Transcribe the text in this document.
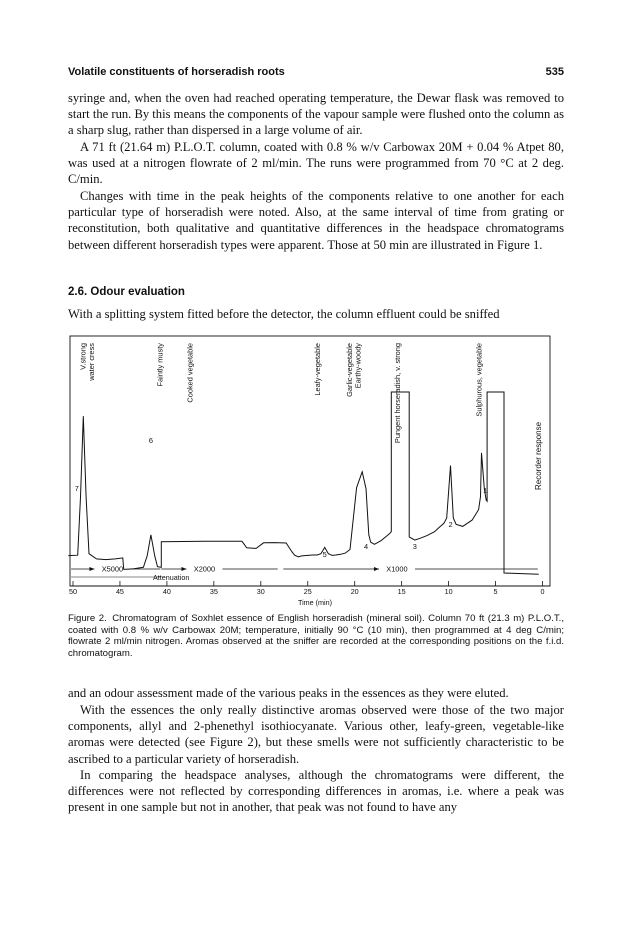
Volatile constituents of horseradish roots	535

syringe and, when the oven had reached operating temperature, the Dewar flask was removed to start the run. By this means the components of the vapour sample were flushed onto the column as a sharp slug, rather than dispersed in a large volume of air.

A 71 ft (21.64 m) P.L.O.T. column, coated with 0.8 % w/v Carbowax 20M + 0.04 % Atpet 80, was used at a nitrogen flowrate of 2 ml/min. The runs were programmed from 70 °C at 2 deg. C/min.

Changes with time in the peak heights of the components relative to one another for each particular type of horseradish were noted. Also, at the same interval of time from grating or reconstitution, both qualitative and quantitative differences in the headspace chromatograms between different horseradish types were apparent. Those at 50 min are illustrated in Figure 1.

2.6. Odour evaluation

With a splitting system fitted before the detector, the column effluent could be sniffed

V.strong water cress	Faintly musty	Cooked vegetable	Leafy-vegetable	Garlic-vegetable Earthy-woody	Pungent horseradish, v. strong	Sulphurous, vegetable
7
6
5
4	3
2
1
X5000	X2000	X1000
Attenuation
50	45	40	35	30	25	20	15	10	5	0
Time (min)
Recorder response

Figure 2. Chromatogram of Soxhlet essence of English horseradish (mineral soil). Column 70 ft (21.3 m) P.L.O.T., coated with 0.8 % w/v Carbowax 20M; temperature, initially 90 °C (10 min), then programmed at 4 deg C/min; flowrate 2 ml/min nitrogen. Aromas observed at the sniffer are recorded at the corresponding positions on the f.i.d. chromatogram.

and an odour assessment made of the various peaks in the essences as they were eluted.

With the essences the only really distinctive aromas observed were those of the two major components, allyl and 2-phenethyl isothiocyanate. Various other, leafy-green, vegetable-like aromas were detected (see Figure 2), but these smells were not sufficiently characteristic to be ascribed to a particular variety of horseradish.

In comparing the headspace analyses, although the chromatograms were different, the differences were not reflected by corresponding differences in aromas, i.e. where a peak was present in one sample but not in another, that peak was not found to have any
